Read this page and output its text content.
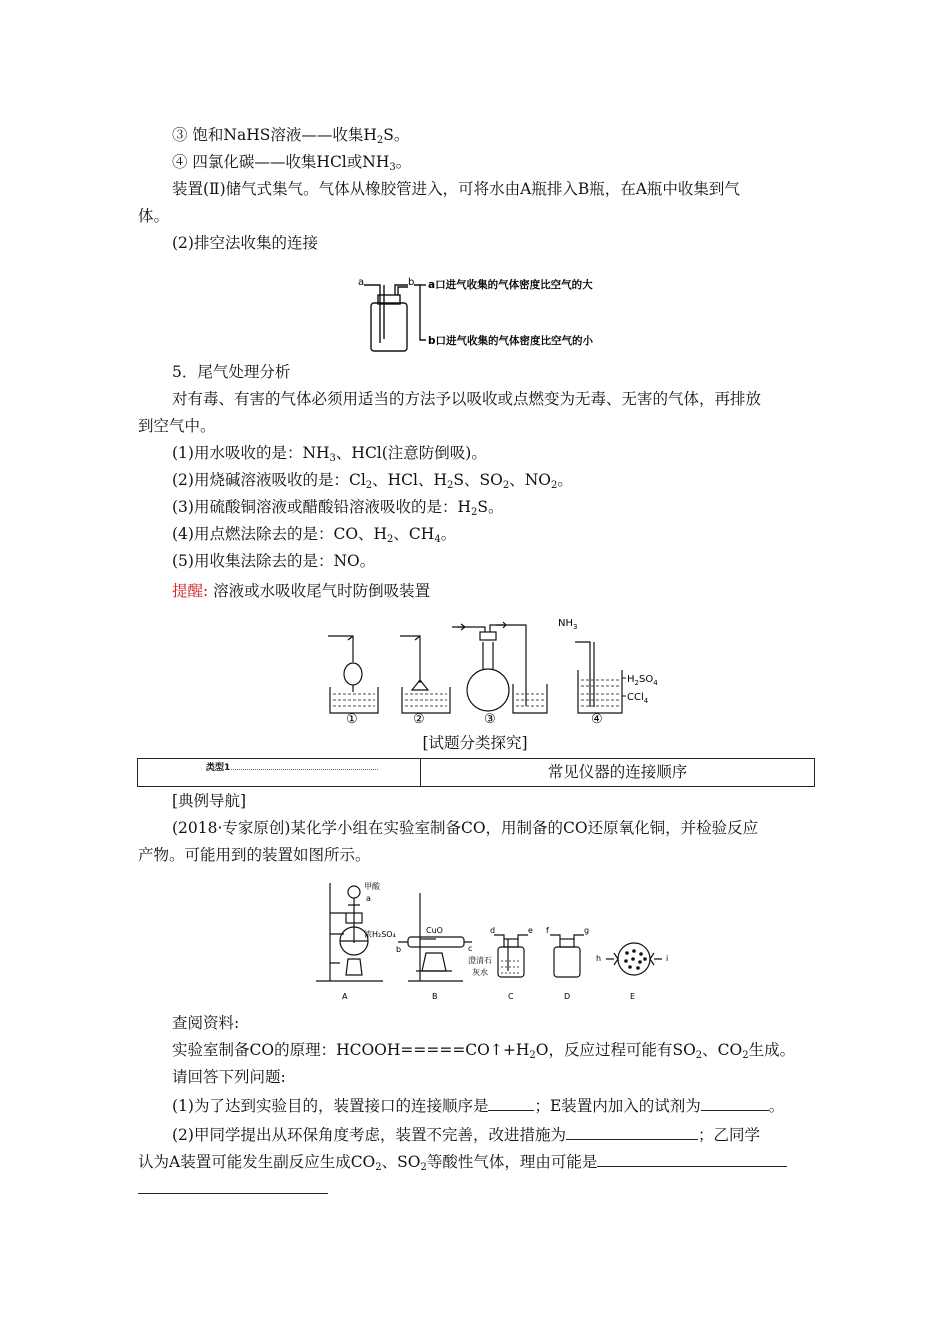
③ 饱和NaHS溶液——收集$H_2S$。
④ 四氯化碳——收集HCl或$NH_3$。
装置(Ⅱ)储气式集气。气体从橡胶管进入，可将水由A瓶排入B瓶，在A瓶中收集到气
体。
(2)排空法收集的连接
a	b a口进气收集的气体密度比空气的大
b口进气收集的气体密度比空气的小
5．尾气处理分析
对有毒、有害的气体必须用适当的方法予以吸收或点燃变为无毒、无害的气体，再排放
到空气中。
(1)用水吸收的是：$NH_3$、HCl(注意防倒吸)。
(2)用烧碱溶液吸收的是：$Cl_2$、HCl、$H_2S$、$SO_2$、$NO_2$。
(3)用硫酸铜溶液或醋酸铅溶液吸收的是：$H_2S$。
(4)用点燃法除去的是：CO、$H_2$、$CH_4$。
(5)用收集法除去的是：NO。
提醒: 溶液或水吸收尾气时防倒吸装置
$NH_3$
$H_2SO_4$
CCl$_4$
①	②	③	④
[试题分类探究]
类型1	常见仪器的连接顺序
[典例导航]
(2018·专家原创)某化学小组在实验室制备CO，用制备的CO还原氧化铜，并检验反应
产物。可能用到的装置如图所示。
甲酸
a
浓H₂SO₄	CuO
b	c
d	e f	g
h	i
澄清石
灰水
A	B	C	D	E
查阅资料:
实验室制备CO的原理：$HCOOH=====CO↑+H_2O$，反应过程可能有$SO_2$、$CO_2$生成。
请回答下列问题:
(1)为了达到实验目的，装置接口的连接顺序是	；E装置内加入的试剂为	。
(2)甲同学提出从环保角度考虑，装置不完善，改进措施为	；乙同学
认为A装置可能发生副反应生成$CO_2$、$SO_2$等酸性气体，理由可能是
